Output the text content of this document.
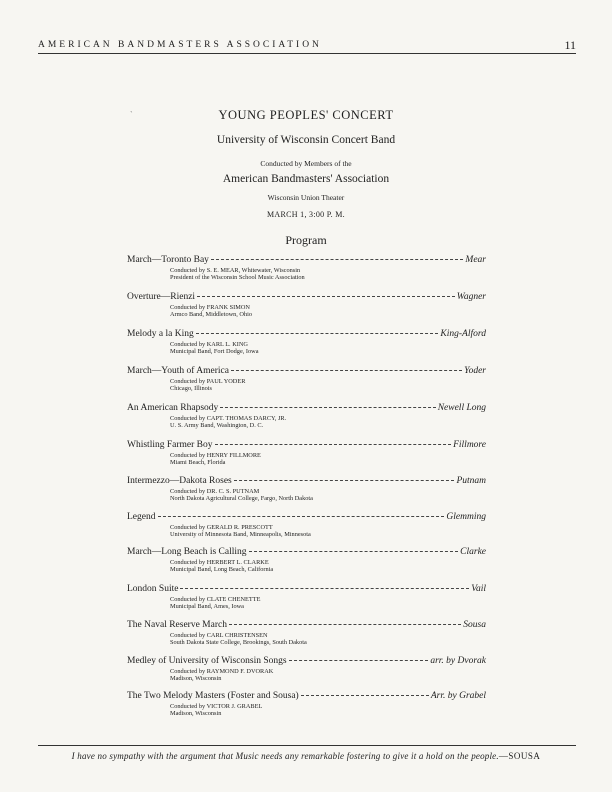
AMERICAN BANDMASTERS ASSOCIATION	11
`	YOUNG PEOPLES' CONCERT
University of Wisconsin Concert Band
Conducted by Members of the
American Bandmasters' Association
Wisconsin Union Theater
MARCH 1, 3:00 P. M.
Program
March—Toronto Bay	Mear
Conducted by S. E. MEAR, Whitewater, Wisconsin
President of the Wisconsin School Music Association
Overture—Rienzi	Wagner
Conducted by FRANK SIMON
Armco Band, Middletown, Ohio
Melody a la King	King-Alford
Conducted by KARL L. KING
Municipal Band, Fort Dodge, Iowa
March—Youth of America	Yoder
Conducted by PAUL YODER
Chicago, Illinois
An American Rhapsody	Newell Long
Conducted by CAPT. THOMAS DARCY, JR.
U. S. Army Band, Washington, D. C.
Whistling Farmer Boy	Fillmore
Conducted by HENRY FILLMORE
Miami Beach, Florida
Intermezzo—Dakota Roses	Putnam
Conducted by DR. C. S. PUTNAM
North Dakota Agricultural College, Fargo, North Dakota
Legend	Glemming
Conducted by GERALD R. PRESCOTT
University of Minnesota Band, Minneapolis, Minnesota
March—Long Beach is Calling	Clarke
Conducted by HERBERT L. CLARKE
Municipal Band, Long Beach, California
London Suite	Vail
Conducted by CLATE CHENETTE
Municipal Band, Ames, Iowa
The Naval Reserve March	Sousa
Conducted by CARL CHRISTENSEN
South Dakota State College, Brookings, South Dakota
Medley of University of Wisconsin Songs	arr. by Dvorak
Conducted by RAYMOND F. DVORAK
Madison, Wisconsin
The Two Melody Masters (Foster and Sousa)	Arr. by Grabel
Conducted by VICTOR J. GRABEL
Madison, Wisconsin
I have no sympathy with the argument that Music needs any remarkable fostering to give it a hold on the people.—SOUSA
